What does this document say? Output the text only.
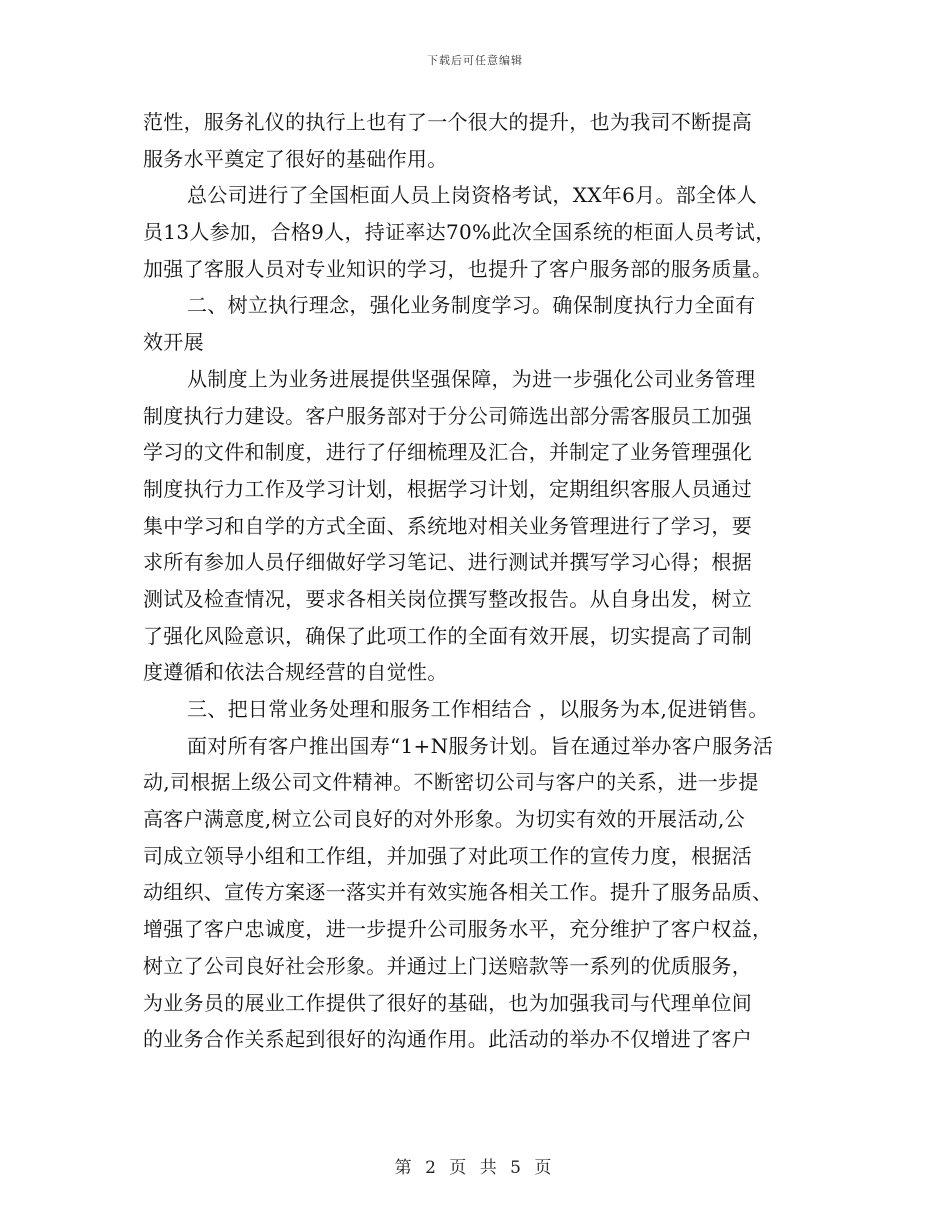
下载后可任意编辑
范性，服务礼仪的执行上也有了一个很大的提升，也为我司不断提高
服务水平奠定了很好的基础作用。
总公司进行了全国柜面人员上岗资格考试，XX年6月。部全体人
员13人参加，合格9人，持证率达70%此次全国系统的柜面人员考试，
加强了客服人员对专业知识的学习，也提升了客户服务部的服务质量。
二、树立执行理念，强化业务制度学习。确保制度执行力全面有
效开展
从制度上为业务进展提供坚强保障，为进一步强化公司业务管理
制度执行力建设。客户服务部对于分公司筛选出部分需客服员工加强
学习的文件和制度，进行了仔细梳理及汇合，并制定了业务管理强化
制度执行力工作及学习计划，根据学习计划，定期组织客服人员通过
集中学习和自学的方式全面、系统地对相关业务管理进行了学习，要
求所有参加人员仔细做好学习笔记、进行测试并撰写学习心得；根据
测试及检查情况，要求各相关岗位撰写整改报告。从自身出发，树立
了强化风险意识，确保了此项工作的全面有效开展，切实提高了司制
度遵循和依法合规经营的自觉性。
三、把日常业务处理和服务工作相结合 ，以服务为本,促进销售。
面对所有客户推出国寿“1+N服务计划。旨在通过举办客户服务活
动,司根据上级公司文件精神。不断密切公司与客户的关系，进一步提
高客户满意度,树立公司良好的对外形象。为切实有效的开展活动,公
司成立领导小组和工作组，并加强了对此项工作的宣传力度，根据活
动组织、宣传方案逐一落实并有效实施各相关工作。提升了服务品质、
增强了客户忠诚度，进一步提升公司服务水平，充分维护了客户权益，
树立了公司良好社会形象。并通过上门送赔款等一系列的优质服务，
为业务员的展业工作提供了很好的基础，也为加强我司与代理单位间
的业务合作关系起到很好的沟通作用。此活动的举办不仅增进了客户
第 2 页 共 5 页
